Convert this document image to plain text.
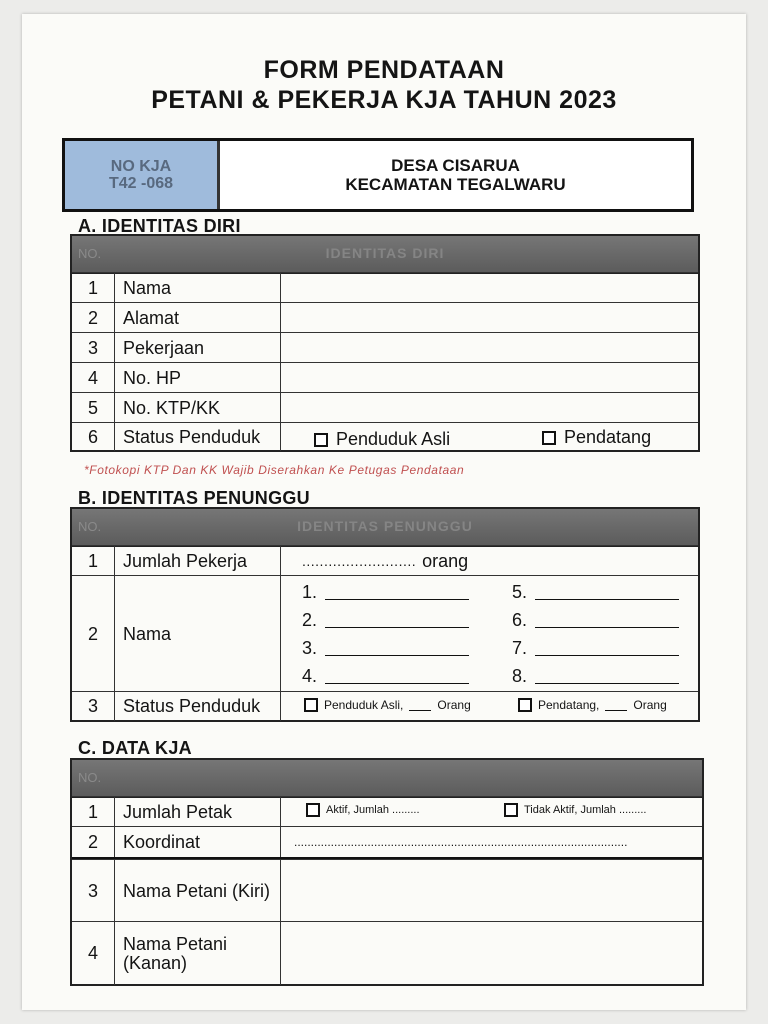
FORM PENDATAAN
PETANI & PEKERJA KJA TAHUN 2023
NO KJA
T42 -068
DESA CISARUA
KECAMATAN TEGALWARU
A. IDENTITAS DIRI
NO.	IDENTITAS DIRI
1	Nama
2	Alamat
3	Pekerjaan
4	No. HP
5	No. KTP/KK
6	Status Penduduk	Penduduk Asli	Pendatang
*Fotokopi KTP Dan KK Wajib Diserahkan Ke Petugas Pendataan
B. IDENTITAS PENUNGGU
NO.	IDENTITAS PENUNGGU
1	Jumlah Pekerja	.......................... orang
2	Nama
1.
2.
3.
4.
5.
6.
7.
8.
3	Status Penduduk	Penduduk Asli,	Orang	Pendatang,	Orang
C. DATA KJA
NO.
1	Jumlah Petak	Aktif, Jumlah .........	Tidak Aktif, Jumlah .........
2	Koordinat	....................................................................................................
3	Nama Petani (Kiri)
4	Nama Petani (Kanan)
